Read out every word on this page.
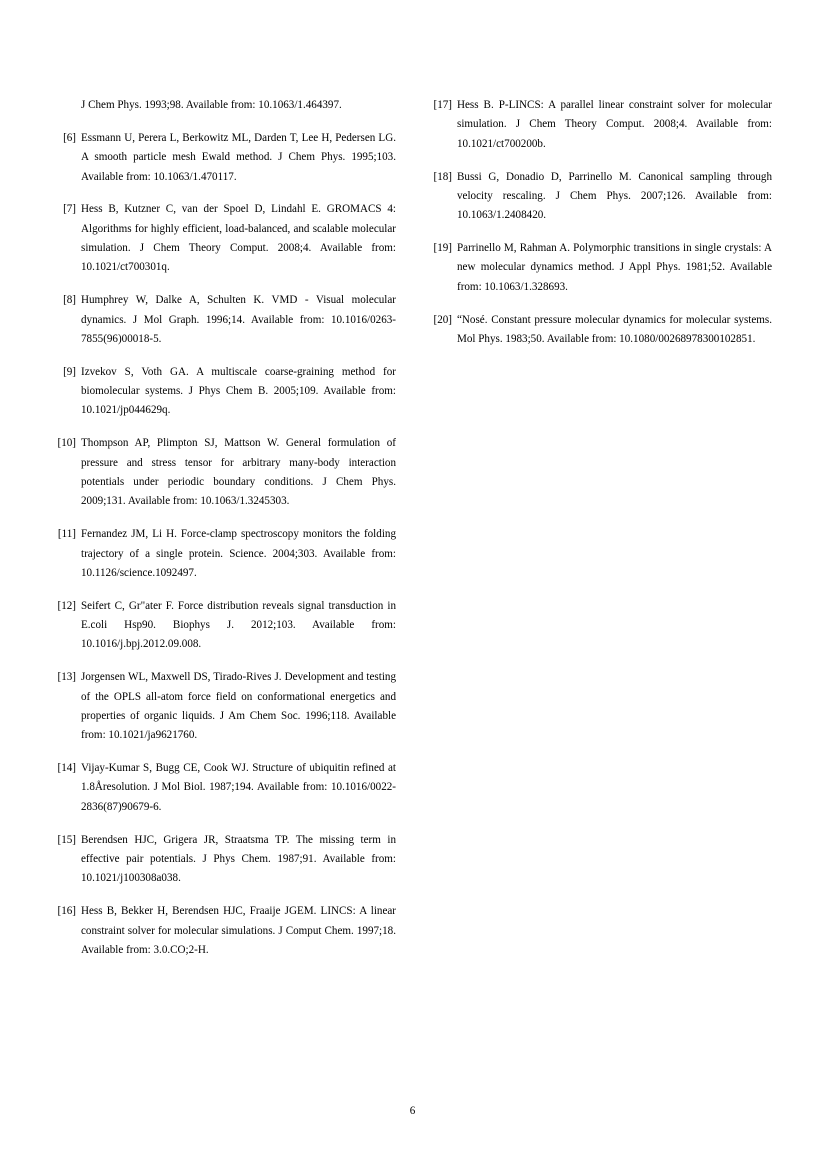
J Chem Phys. 1993;98. Available from: 10.1063/1.464397.
[6] Essmann U, Perera L, Berkowitz ML, Darden T, Lee H, Pedersen LG. A smooth particle mesh Ewald method. J Chem Phys. 1995;103. Available from: 10.1063/1.470117.
[7] Hess B, Kutzner C, van der Spoel D, Lindahl E. GROMACS 4: Algorithms for highly efficient, load-balanced, and scalable molecular simulation. J Chem Theory Comput. 2008;4. Available from: 10.1021/ct700301q.
[8] Humphrey W, Dalke A, Schulten K. VMD - Visual molecular dynamics. J Mol Graph. 1996;14. Available from: 10.1016/0263-7855(96)00018-5.
[9] Izvekov S, Voth GA. A multiscale coarse-graining method for biomolecular systems. J Phys Chem B. 2005;109. Available from: 10.1021/jp044629q.
[10] Thompson AP, Plimpton SJ, Mattson W. General formulation of pressure and stress tensor for arbitrary many-body interaction potentials under periodic boundary conditions. J Chem Phys. 2009;131. Available from: 10.1063/1.3245303.
[11] Fernandez JM, Li H. Force-clamp spectroscopy monitors the folding trajectory of a single protein. Science. 2004;303. Available from: 10.1126/science.1092497.
[12] Seifert C, Gr"ater F. Force distribution reveals signal transduction in E.coli Hsp90. Biophys J. 2012;103. Available from: 10.1016/j.bpj.2012.09.008.
[13] Jorgensen WL, Maxwell DS, Tirado-Rives J. Development and testing of the OPLS all-atom force field on conformational energetics and properties of organic liquids. J Am Chem Soc. 1996;118. Available from: 10.1021/ja9621760.
[14] Vijay-Kumar S, Bugg CE, Cook WJ. Structure of ubiquitin refined at 1.8Åresolution. J Mol Biol. 1987;194. Available from: 10.1016/0022-2836(87)90679-6.
[15] Berendsen HJC, Grigera JR, Straatsma TP. The missing term in effective pair potentials. J Phys Chem. 1987;91. Available from: 10.1021/j100308a038.
[16] Hess B, Bekker H, Berendsen HJC, Fraaije JGEM. LINCS: A linear constraint solver for molecular simulations. J Comput Chem. 1997;18. Available from: 3.0.CO;2-H.
[17] Hess B. P-LINCS: A parallel linear constraint solver for molecular simulation. J Chem Theory Comput. 2008;4. Available from: 10.1021/ct700200b.
[18] Bussi G, Donadio D, Parrinello M. Canonical sampling through velocity rescaling. J Chem Phys. 2007;126. Available from: 10.1063/1.2408420.
[19] Parrinello M, Rahman A. Polymorphic transitions in single crystals: A new molecular dynamics method. J Appl Phys. 1981;52. Available from: 10.1063/1.328693.
[20] “Nosé. Constant pressure molecular dynamics for molecular systems. Mol Phys. 1983;50. Available from: 10.1080/00268978300102851.
6
